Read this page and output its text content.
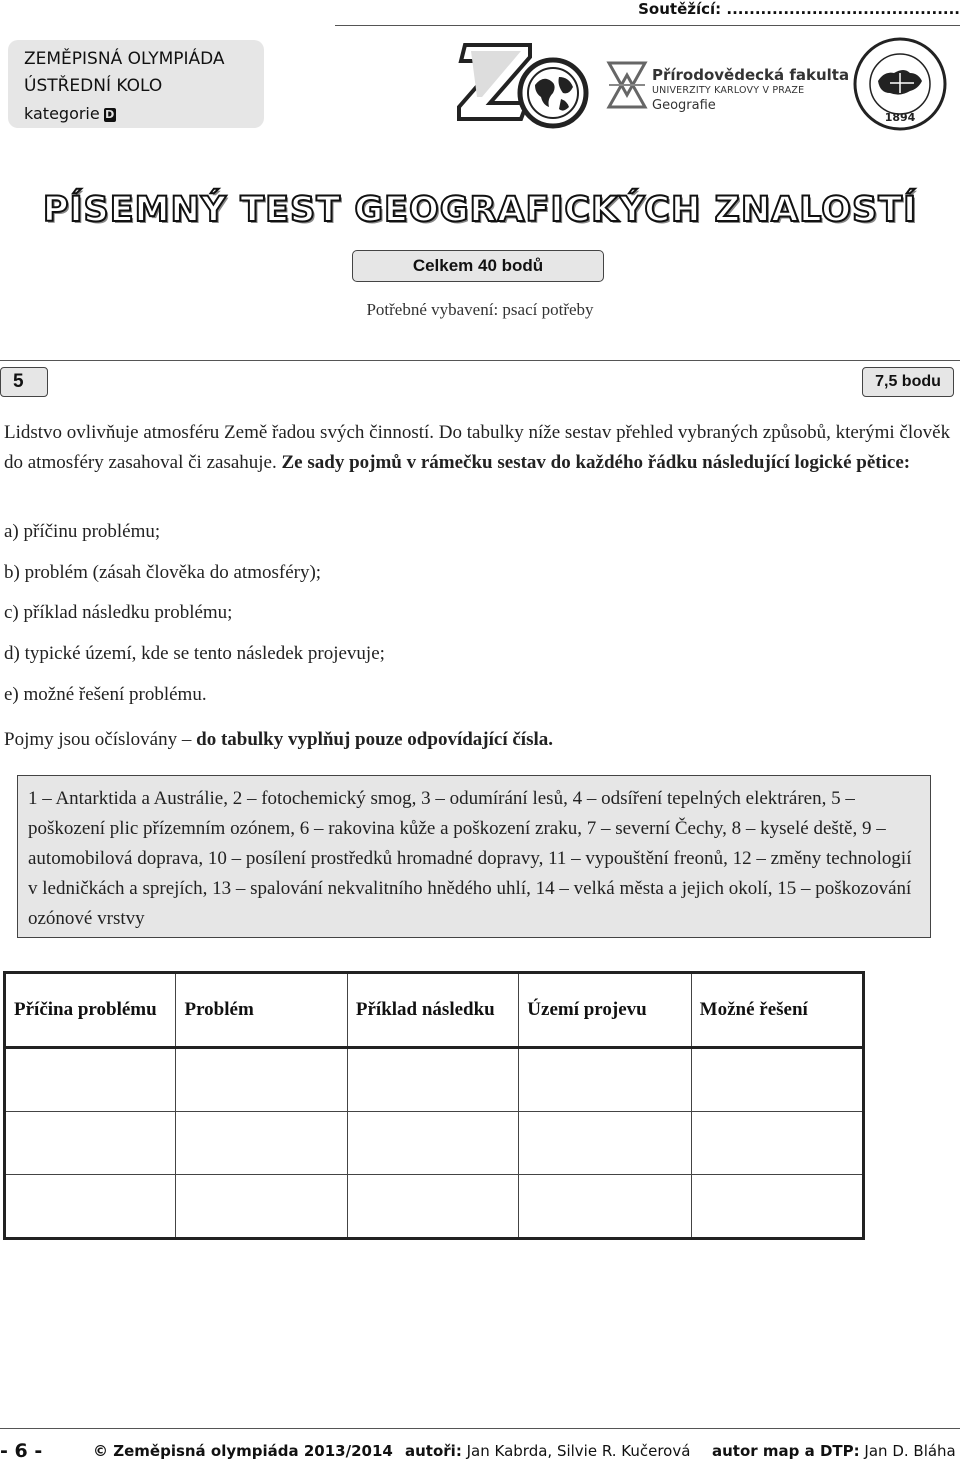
Soutěžící: .........................................
ZEMĚPISNÁ OLYMPIÁDA
ÚSTŘEDNÍ KOLO
kategorie D
Přírodovědecká fakulta
UNIVERZITY KARLOVY V PRAZE
Geografie
1894
PÍSEMNÝ TEST GEOGRAFICKÝCH ZNALOSTÍ
Celkem 40 bodů
Potřebné vybavení: psací potřeby
5	7,5 bodu
Lidstvo ovlivňuje atmosféru Země řadou svých činností. Do tabulky níže sestav přehled vybraných způsobů, kterými člověk do atmosféry zasahoval či zasahuje. Ze sady pojmů v rámečku sestav do každého řádku následující logické pětice:
a) příčinu problému;
b) problém (zásah člověka do atmosféry);
c) příklad následku problému;
d) typické území, kde se tento následek projevuje;
e) možné řešení problému.
Pojmy jsou očíslovány – do tabulky vyplňuj pouze odpovídající čísla.
1 – Antarktida a Austrálie, 2 – fotochemický smog, 3 – odumírání lesů, 4 – odsíření tepelných elektráren, 5 – poškození plic přízemním ozónem, 6 – rakovina kůže a poškození zraku, 7 – severní Čechy, 8 – kyselé deště, 9 – automobilová doprava, 10 – posílení prostředků hromadné dopravy, 11 – vypouštění freonů, 12 – změny technologií v ledničkách a sprejích, 13 – spalování nekvalitního hnědého uhlí, 14 – velká města a jejich okolí, 15 – poškozování ozónové vrstvy
Příčina problému	Problém	Příklad následku	Území projevu	Možné řešení

- 6 -	© Zeměpisná olympiáda 2013/2014 autoři: Jan Kabrda, Silvie R. Kučerová autor map a DTP: Jan D. Bláha
